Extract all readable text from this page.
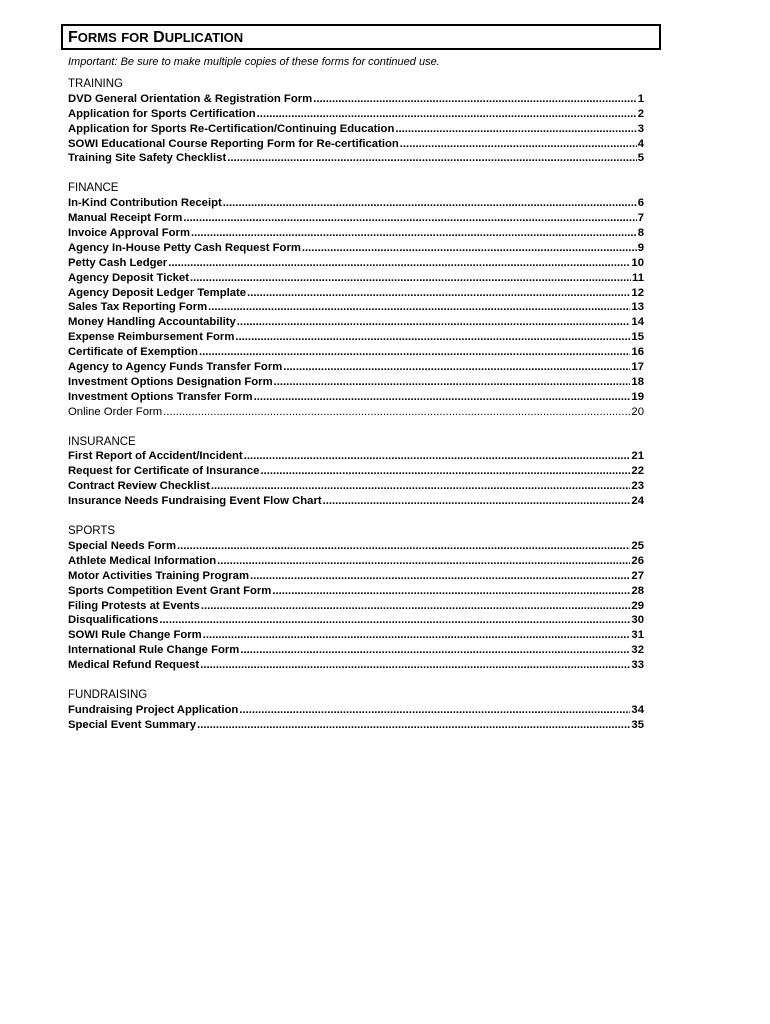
FORMS FOR DUPLICATION
Important: Be sure to make multiple copies of these forms for continued use.
TRAINING
DVD General Orientation & Registration Form .....	1
Application for Sports Certification .....	2
Application for Sports Re-Certification/Continuing Education .....	3
SOWI Educational Course Reporting Form for Re-certification .....	4
Training Site Safety Checklist .....	5
FINANCE
In-Kind Contribution Receipt .....	6
Manual Receipt Form .....	7
Invoice Approval Form .....	8
Agency In-House Petty Cash Request Form .....	9
Petty Cash Ledger .....	10
Agency Deposit Ticket .....	11
Agency Deposit Ledger Template .....	12
Sales Tax Reporting Form .....	13
Money Handling Accountability .....	14
Expense Reimbursement Form .....	15
Certificate of Exemption .....	16
Agency to Agency Funds Transfer Form .....	17
Investment Options Designation Form .....	18
Investment Options Transfer Form .....	19
Online Order Form .....	20
INSURANCE
First Report of Accident/Incident .....	21
Request for Certificate of Insurance .....	22
Contract Review Checklist .....	23
Insurance Needs Fundraising Event Flow Chart .....	24
SPORTS
Special Needs Form .....	25
Athlete Medical Information .....	26
Motor Activities Training Program .....	27
Sports Competition Event Grant Form .....	28
Filing Protests at Events .....	29
Disqualifications .....	30
SOWI Rule Change Form .....	31
International Rule Change Form .....	32
Medical Refund Request .....	33
FUNDRAISING
Fundraising Project Application .....	34
Special Event Summary .....	35
